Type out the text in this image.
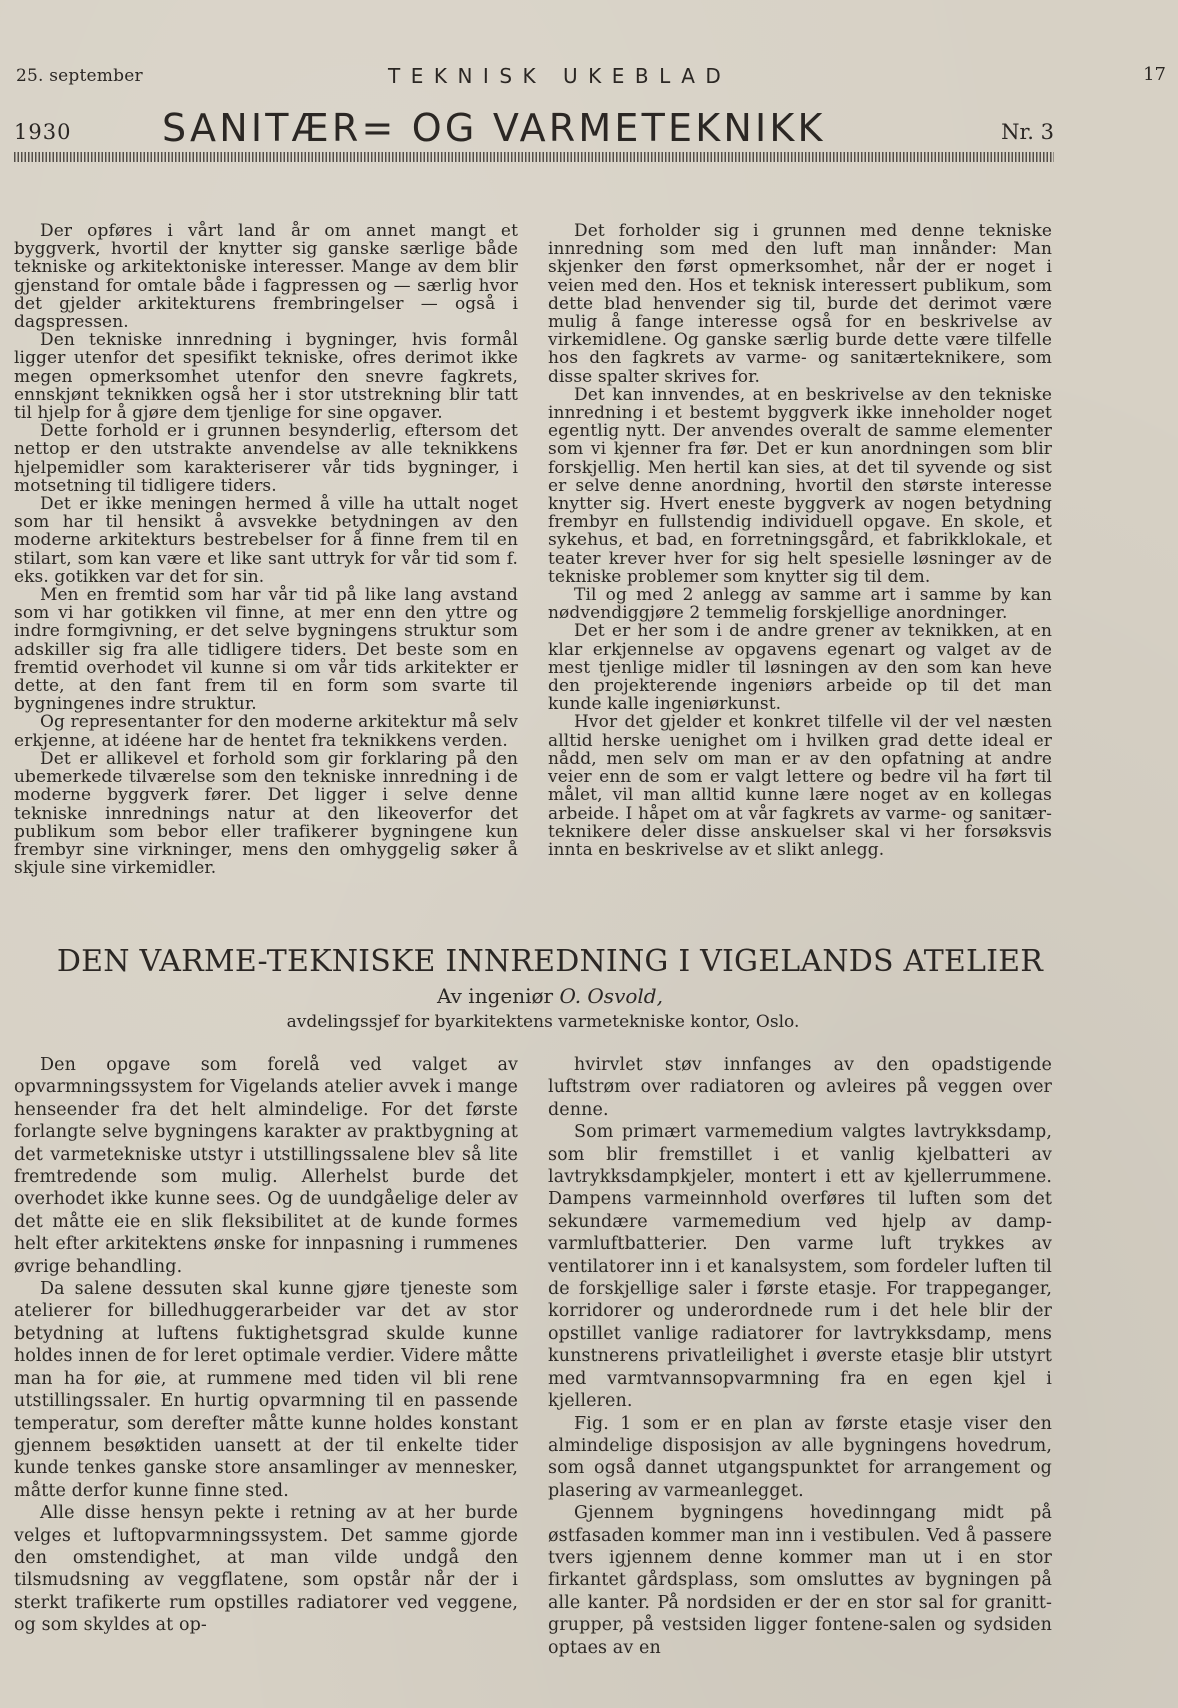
25. september	TEKNISK UKEBLAD	17
1930 SANITÆR= OG VARMETEKNIKK	Nr. 3

Der opføres i vårt land år om annet mangt et byggverk, hvortil der knytter sig ganske særlige både tekniske og arkitektoniske interesser. Mange av dem blir gjenstand for omtale både i fagpressen og — særlig hvor det gjelder arkitekturens frembringelser — også i dagspressen.

Den tekniske innredning i bygninger, hvis formål ligger utenfor det spesifikt tekniske, ofres derimot ikke megen opmerksomhet utenfor den snevre fagkrets, ennskjønt teknikken også her i stor utstrekning blir tatt til hjelp for å gjøre dem tjenlige for sine opgaver.

Dette forhold er i grunnen besynderlig, eftersom det nettop er den utstrakte anvendelse av alle teknikkens hjelpemidler som karakteriserer vår tids bygninger, i motsetning til tidligere tiders.

Det er ikke meningen hermed å ville ha uttalt noget som har til hensikt å avsvekke betydningen av den moderne arkitekturs bestrebelser for å finne frem til en stilart, som kan være et like sant uttryk for vår tid som f. eks. gotikken var det for sin.

Men en fremtid som har vår tid på like lang avstand som vi har gotikken vil finne, at mer enn den yttre og indre formgivning, er det selve bygningens struktur som adskiller sig fra alle tidligere tiders. Det beste som en fremtid overhodet vil kunne si om vår tids arkitekter er dette, at den fant frem til en form som svarte til bygningenes indre struktur.

Og representanter for den moderne arkitektur må selv erkjenne, at idéene har de hentet fra teknikkens verden.

Det er allikevel et forhold som gir forklaring på den ubemerkede tilværelse som den tekniske innredning i de moderne byggverk fører. Det ligger i selve denne tekniske innrednings natur at den likeoverfor det publikum som bebor eller trafikerer bygningene kun frembyr sine virkninger, mens den omhyggelig søker å skjule sine virkemidler.

Det forholder sig i grunnen med denne tekniske innredning som med den luft man innånder: Man skjenker den først opmerksomhet, når der er noget i veien med den. Hos et teknisk interessert publikum, som dette blad henvender sig til, burde det derimot være mulig å fange interesse også for en beskrivelse av virkemidlene. Og ganske særlig burde dette være tilfelle hos den fagkrets av varme- og sanitærteknikere, som disse spalter skrives for.

Det kan innvendes, at en beskrivelse av den tekniske innredning i et bestemt byggverk ikke inneholder noget egentlig nytt. Der anvendes overalt de samme elementer som vi kjenner fra før. Det er kun anordningen som blir forskjellig. Men hertil kan sies, at det til syvende og sist er selve denne anordning, hvortil den største interesse knytter sig. Hvert eneste byggverk av nogen betydning frembyr en fullstendig individuell opgave. En skole, et sykehus, et bad, en forretningsgård, et fabrikklokale, et teater krever hver for sig helt spesielle løsninger av de tekniske problemer som knytter sig til dem.

Til og med 2 anlegg av samme art i samme by kan nødvendiggjøre 2 temmelig forskjellige anordninger.

Det er her som i de andre grener av teknikken, at en klar erkjennelse av opgavens egenart og valget av de mest tjenlige midler til løsningen av den som kan heve den projekterende ingeniørs arbeide op til det man kunde kalle ingeniørkunst.

Hvor det gjelder et konkret tilfelle vil der vel næsten alltid herske uenighet om i hvilken grad dette ideal er nådd, men selv om man er av den opfatning at andre veier enn de som er valgt lettere og bedre vil ha ført til målet, vil man alltid kunne lære noget av en kollegas arbeide. I håpet om at vår fagkrets av varme- og sanitær-teknikere deler disse anskuelser skal vi her forsøksvis innta en beskrivelse av et slikt anlegg.

DEN VARME-TEKNISKE INNREDNING I VIGELANDS ATELIER
Av ingeniør O. Osvold,
avdelingssjef for byarkitektens varmetekniske kontor, Oslo.

Den opgave som forelå ved valget av opvarmningssystem for Vigelands atelier avvek i mange henseender fra det helt almindelige. For det første forlangte selve bygningens karakter av praktbygning at det varmetekniske utstyr i utstillingssalene blev så lite fremtredende som mulig. Allerhelst burde det overhodet ikke kunne sees. Og de uundgåelige deler av det måtte eie en slik fleksibilitet at de kunde formes helt efter arkitektens ønske for innpasning i rummenes øvrige behandling.

Da salene dessuten skal kunne gjøre tjeneste som atelierer for billedhuggerarbeider var det av stor betydning at luftens fuktighetsgrad skulde kunne holdes innen de for leret optimale verdier. Videre måtte man ha for øie, at rummene med tiden vil bli rene utstillingssaler. En hurtig opvarmning til en passende temperatur, som derefter måtte kunne holdes konstant gjennem besøktiden uansett at der til enkelte tider kunde tenkes ganske store ansamlinger av mennesker, måtte derfor kunne finne sted.

Alle disse hensyn pekte i retning av at her burde velges et luftopvarmningssystem. Det samme gjorde den omstendighet, at man vilde undgå den tilsmudsning av veggflatene, som opstår når der i sterkt trafikerte rum opstilles radiatorer ved veggene, og som skyldes at op-

hvirvlet støv innfanges av den opadstigende luftstrøm over radiatoren og avleires på veggen over denne.

Som primært varmemedium valgtes lavtrykksdamp, som blir fremstillet i et vanlig kjelbatteri av lavtrykksdampkjeler, montert i ett av kjellerrummene. Dampens varmeinnhold overføres til luften som det sekundære varmemedium ved hjelp av damp-varmluftbatterier. Den varme luft trykkes av ventilatorer inn i et kanalsystem, som fordeler luften til de forskjellige saler i første etasje. For trappeganger, korridorer og underordnede rum i det hele blir der opstillet vanlige radiatorer for lavtrykksdamp, mens kunstnerens privatleilighet i øverste etasje blir utstyrt med varmtvannsopvarmning fra en egen kjel i kjelleren.

Fig. 1 som er en plan av første etasje viser den almindelige disposisjon av alle bygningens hovedrum, som også dannet utgangspunktet for arrangement og plasering av varmeanlegget.

Gjennem bygningens hovedinngang midt på østfasaden kommer man inn i vestibulen. Ved å passere tvers igjennem denne kommer man ut i en stor firkantet gårdsplass, som omsluttes av bygningen på alle kanter. På nordsiden er der en stor sal for granitt-grupper, på vestsiden ligger fontene-salen og sydsiden optaes av en
